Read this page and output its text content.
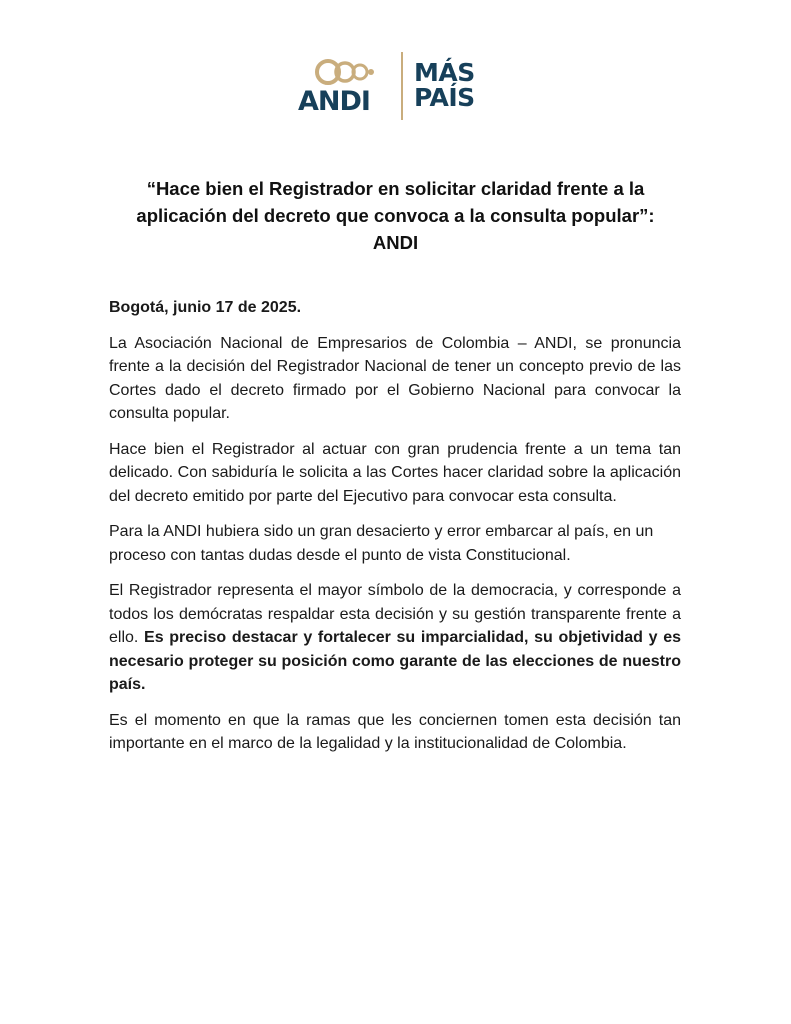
ANDI
MÁS
PAÍS
“Hace bien el Registrador en solicitar claridad frente a la
aplicación del decreto que convoca a la consulta popular”:
ANDI

Bogotá, junio 17 de 2025.

La Asociación Nacional de Empresarios de Colombia – ANDI, se pronuncia frente a la decisión del Registrador Nacional de tener un concepto previo de las Cortes dado el decreto firmado por el Gobierno Nacional para convocar la consulta popular.

Hace bien el Registrador al actuar con gran prudencia frente a un tema tan delicado. Con sabiduría le solicita a las Cortes hacer claridad sobre la aplicación del decreto emitido por parte del Ejecutivo para convocar esta consulta.

Para la ANDI hubiera sido un gran desacierto y error embarcar al país, en un proceso con tantas dudas desde el punto de vista Constitucional.

El Registrador representa el mayor símbolo de la democracia, y corresponde a todos los demócratas respaldar esta decisión y su gestión transparente frente a ello. Es preciso destacar y fortalecer su imparcialidad, su objetividad y es necesario proteger su posición como garante de las elecciones de nuestro país.

Es el momento en que la ramas que les conciernen tomen esta decisión tan importante en el marco de la legalidad y la institucionalidad de Colombia.
